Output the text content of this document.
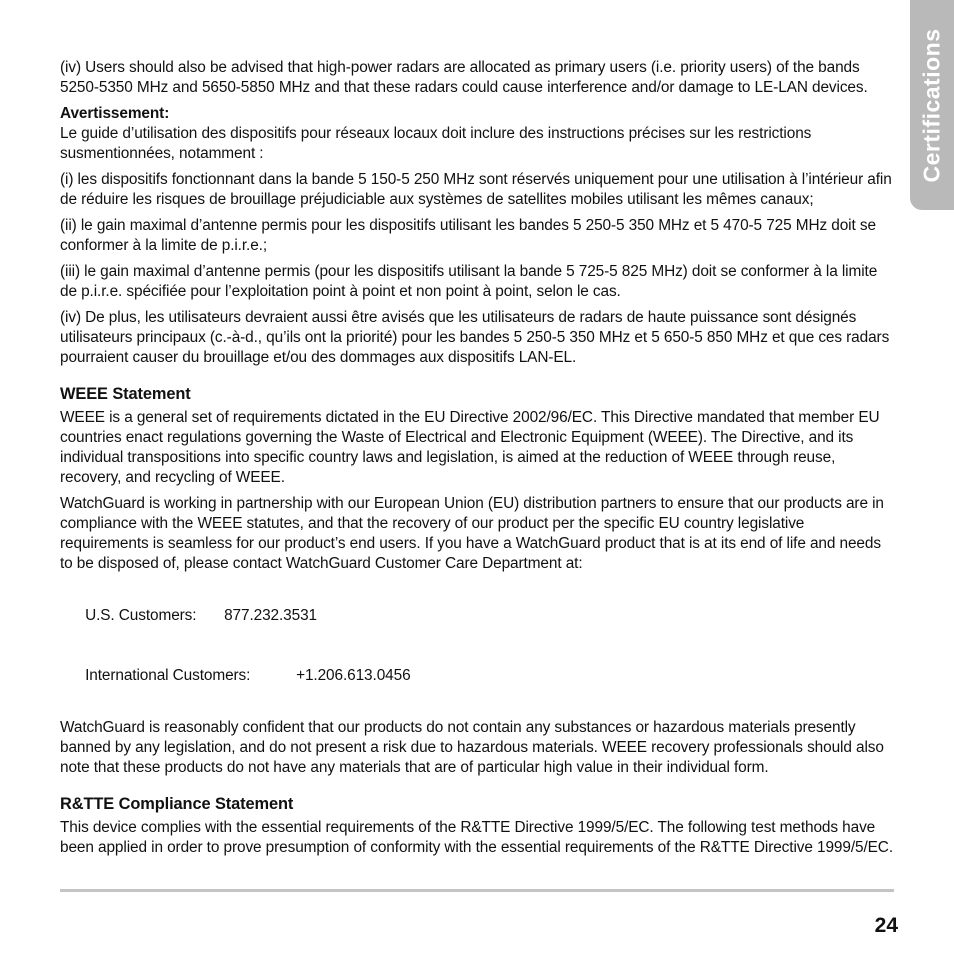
Certifications

(iv) Users should also be advised that high-power radars are allocated as primary users (i.e. priority users) of the bands 5250-5350 MHz and 5650-5850 MHz and that these radars could cause interference and/or damage to LE-LAN devices.

Avertissement:

Le guide d’utilisation des dispositifs pour réseaux locaux doit inclure des instructions précises sur les restrictions susmentionnées, notamment :

(i) les dispositifs fonctionnant dans la bande 5 150-5 250 MHz sont réservés uniquement pour une utilisation à l’intérieur afin de réduire les risques de brouillage préjudiciable aux systèmes de satellites mobiles utilisant les mêmes canaux;

(ii) le gain maximal d’antenne permis pour les dispositifs utilisant les bandes 5 250-5 350 MHz et 5 470-5 725 MHz doit se conformer à la limite de p.i.r.e.;

(iii) le gain maximal d’antenne permis (pour les dispositifs utilisant la bande 5 725-5 825 MHz) doit se conformer à la limite de p.i.r.e. spécifiée pour l’exploitation point à point et non point à point, selon le cas.

(iv) De plus, les utilisateurs devraient aussi être avisés que les utilisateurs de radars de haute puissance sont désignés utilisateurs principaux (c.-à-d., qu’ils ont la priorité) pour les bandes 5 250-5 350 MHz et 5 650-5 850 MHz et que ces radars pourraient causer du brouillage et/ou des dommages aux dispositifs LAN-EL.

WEEE Statement

WEEE is a general set of requirements dictated in the EU Directive 2002/96/EC. This Directive mandated that member EU countries enact regulations governing the Waste of Electrical and Electronic Equipment (WEEE). The Directive, and its individual transpositions into specific country laws and legislation, is aimed at the reduction of WEEE through reuse, recovery, and recycling of WEEE.

WatchGuard is working in partnership with our European Union (EU) distribution partners to ensure that our products are in compliance with the WEEE statutes, and that the recovery of our product per the specific EU country legislative requirements is seamless for our product’s end users. If you have a WatchGuard product that is at its end of life and needs to be disposed of, please contact WatchGuard Customer Care Department at:

U.S. Customers: 877.232.3531

International Customers:	+1.206.613.0456

WatchGuard is reasonably confident that our products do not contain any substances or hazardous materials presently banned by any legislation, and do not present a risk due to hazardous materials. WEEE recovery professionals should also note that these products do not have any materials that are of particular high value in their individual form.

R&TTE Compliance Statement

This device complies with the essential requirements of the R&TTE Directive 1999/5/EC. The following test methods have been applied in order to prove presumption of conformity with the essential requirements of the R&TTE Directive 1999/5/EC.

24
